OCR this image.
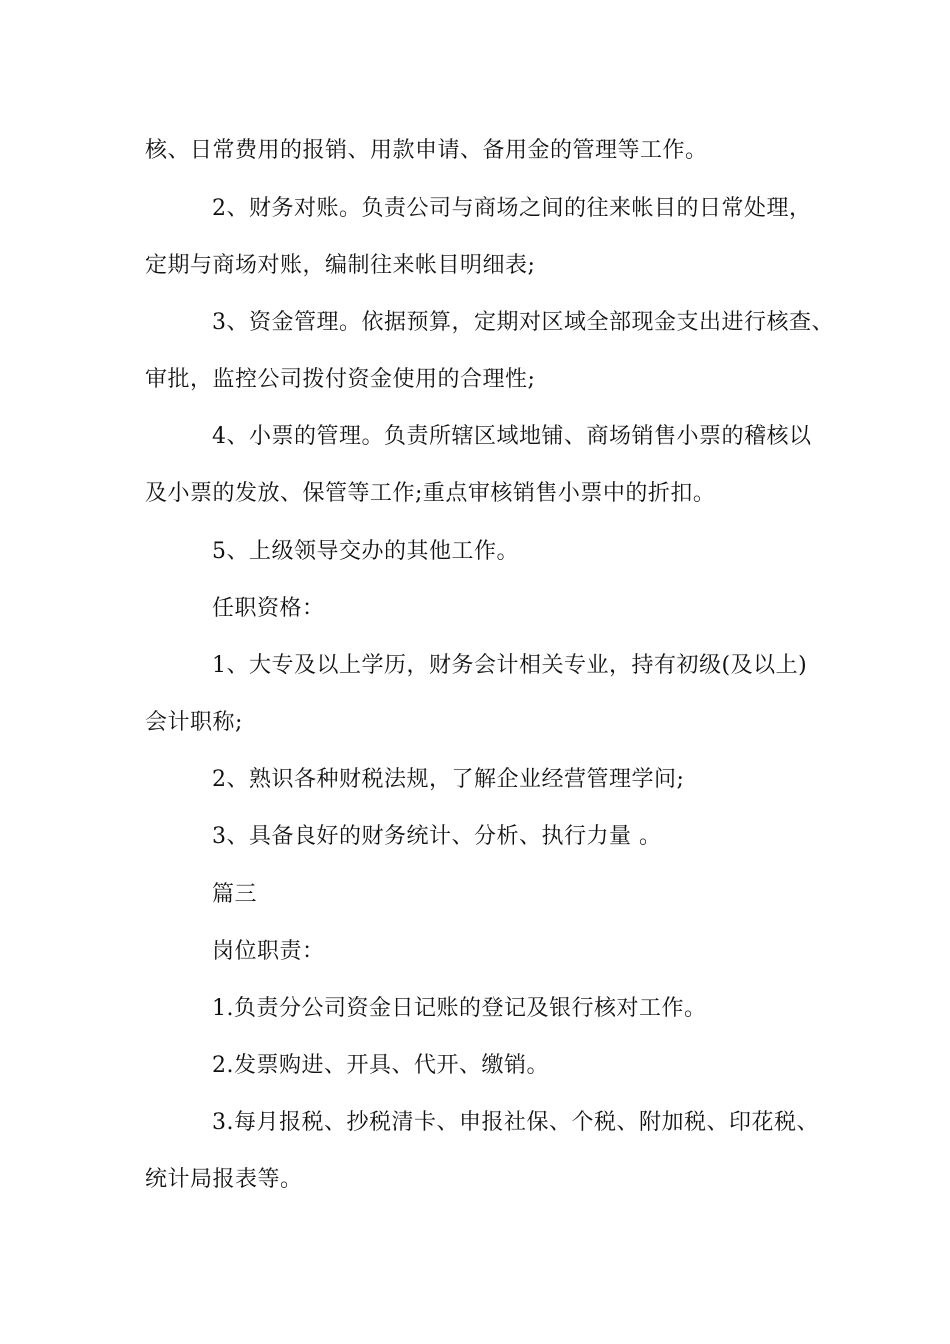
核、日常费用的报销、用款申请、备用金的管理等工作。
2、财务对账。负责公司与商场之间的往来帐目的日常处理，
定期与商场对账，编制往来帐目明细表;
3、资金管理。依据预算，定期对区域全部现金支出进行核查、
审批，监控公司拨付资金使用的合理性;
4、小票的管理。负责所辖区域地铺、商场销售小票的稽核以
及小票的发放、保管等工作;重点审核销售小票中的折扣。
5、上级领导交办的其他工作。
任职资格：
1、大专及以上学历，财务会计相关专业，持有初级(及以上)
会计职称;
2、熟识各种财税法规，了解企业经营管理学问;
3、具备良好的财务统计、分析、执行力量 。
篇三
岗位职责：
1.负责分公司资金日记账的登记及银行核对工作。
2.发票购进、开具、代开、缴销。
3.每月报税、抄税清卡、申报社保、个税、附加税、印花税、
统计局报表等。
